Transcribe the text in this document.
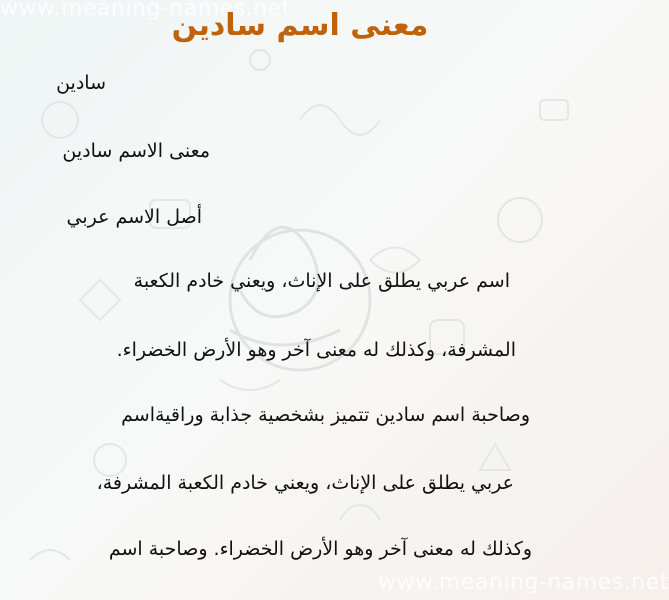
www.meaning-names.net
معنى اسم سادين
سادين
معنى الاسم سادين
أصل الاسم عربي
اسم عربي يطلق على الإناث، ويعني خادم الكعبة
المشرفة، وكذلك له معنى آخر وهو الأرض الخضراء.
وصاحبة اسم سادين تتميز بشخصية جذابة وراقيةاسم
عربي يطلق على الإناث، ويعني خادم الكعبة المشرفة،
وكذلك له معنى آخر وهو الأرض الخضراء. وصاحبة اسم
www.meaning-names.net
